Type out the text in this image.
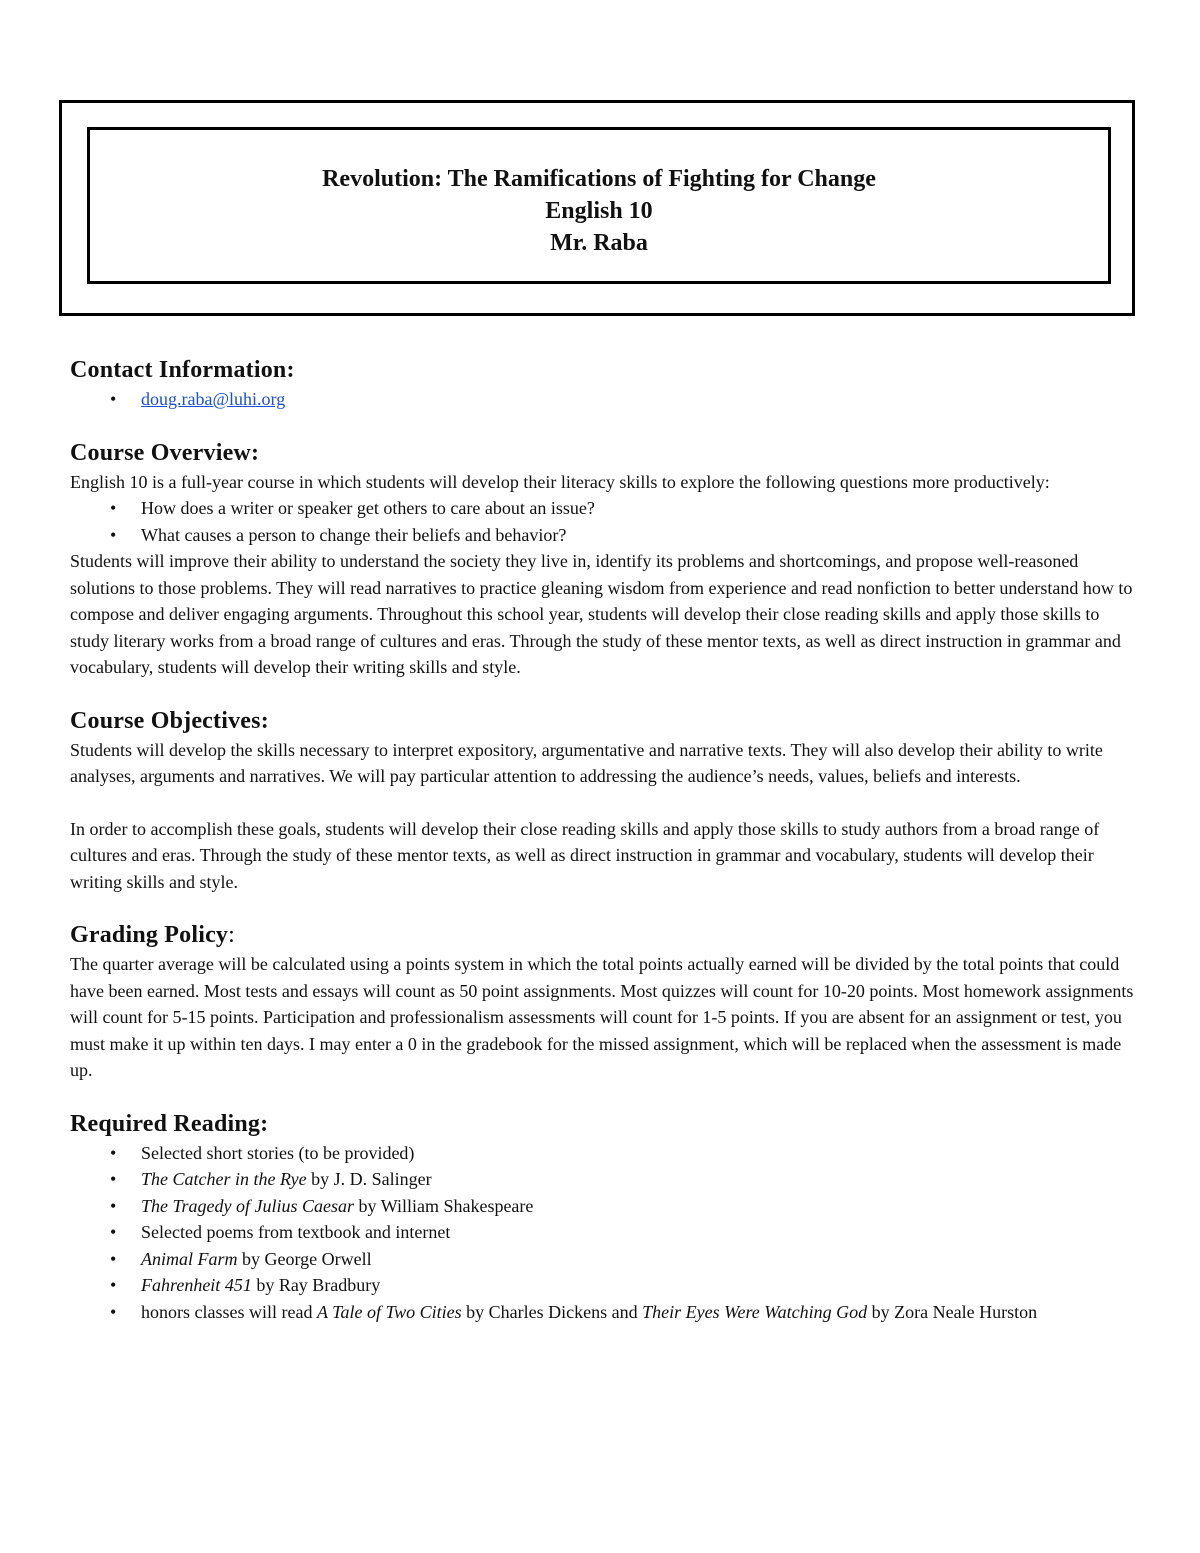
Revolution: The Ramifications of Fighting for Change
English 10
Mr. Raba
Contact Information:
• doug.raba@luhi.org
Course Overview:

English 10 is a full-year course in which students will develop their literacy skills to explore the following questions more productively:

• How does a writer or speaker get others to care about an issue?
• What causes a person to change their beliefs and behavior?

Students will improve their ability to understand the society they live in, identify its problems and shortcomings, and propose well-reasoned solutions to those problems. They will read narratives to practice gleaning wisdom from experience and read nonfiction to better understand how to compose and deliver engaging arguments. Throughout this school year, students will develop their close reading skills and apply those skills to study literary works from a broad range of cultures and eras. Through the study of these mentor texts, as well as direct instruction in grammar and vocabulary, students will develop their writing skills and style.

Course Objectives:

Students will develop the skills necessary to interpret expository, argumentative and narrative texts. They will also develop their ability to write analyses, arguments and narratives. We will pay particular attention to addressing the audience’s needs, values, beliefs and interests.

In order to accomplish these goals, students will develop their close reading skills and apply those skills to study authors from a broad range of cultures and eras. Through the study of these mentor texts, as well as direct instruction in grammar and vocabulary, students will develop their writing skills and style.

Grading Policy:

The quarter average will be calculated using a points system in which the total points actually earned will be divided by the total points that could have been earned. Most tests and essays will count as 50 point assignments. Most quizzes will count for 10-20 points. Most homework assignments will count for 5-15 points. Participation and professionalism assessments will count for 1-5 points. If you are absent for an assignment or test, you must make it up within ten days. I may enter a 0 in the gradebook for the missed assignment, which will be replaced when the assessment is made up.

Required Reading:
• Selected short stories (to be provided)
• The Catcher in the Rye by J. D. Salinger
• The Tragedy of Julius Caesar by William Shakespeare
• Selected poems from textbook and internet
• Animal Farm by George Orwell
• Fahrenheit 451 by Ray Bradbury
• honors classes will read A Tale of Two Cities by Charles Dickens and Their Eyes Were Watching God by Zora Neale Hurston
